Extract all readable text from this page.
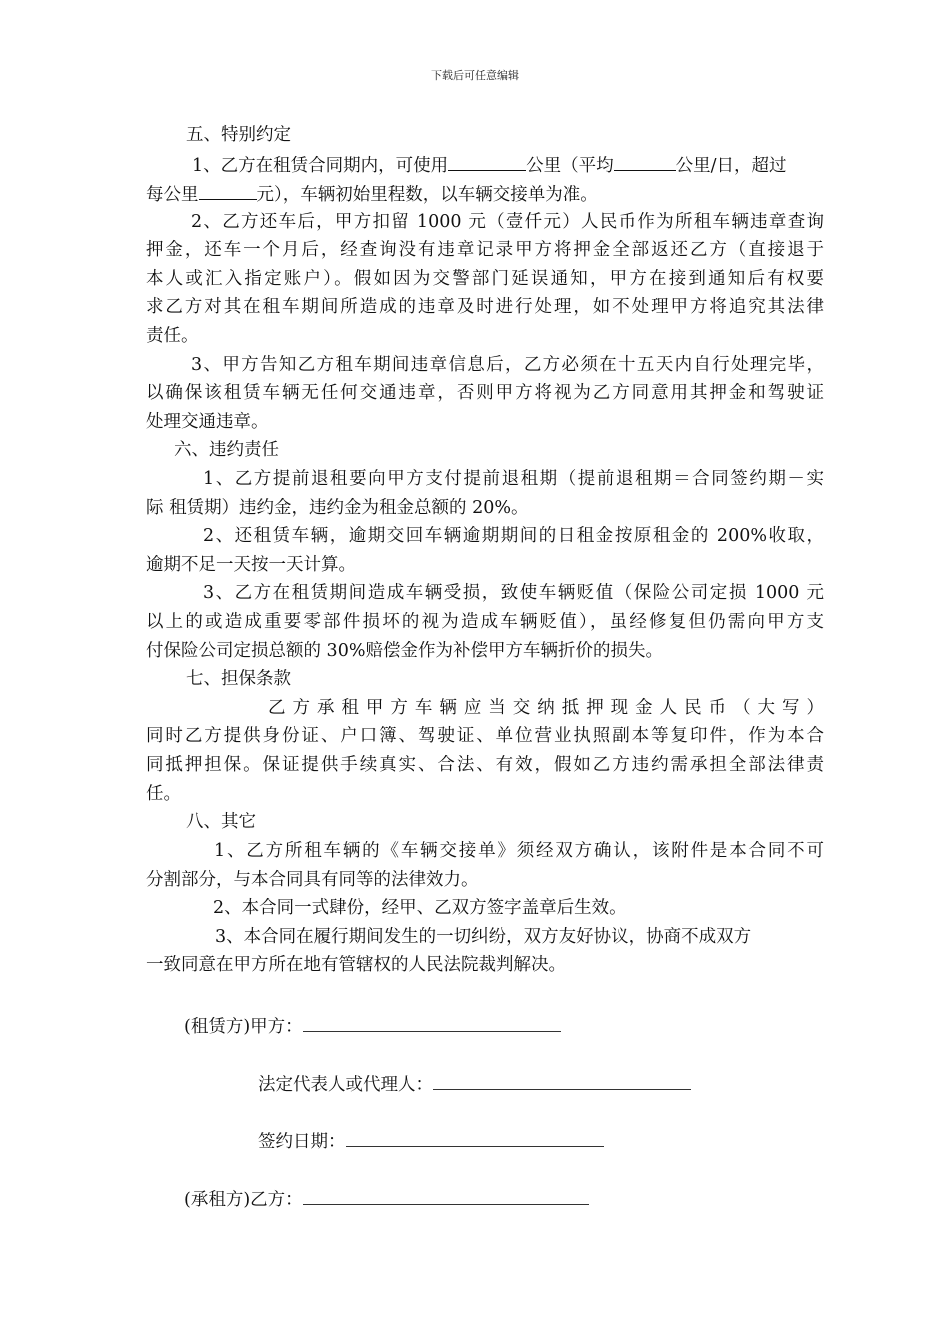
下载后可任意编辑
五、特别约定
1、乙方在租赁合同期内，可使用	公里（平均	公里/日，超过
每公里	元），车辆初始里程数，以车辆交接单为准。
2、乙方还车后，甲方扣留 1000 元（壹仟元）人民币作为所租车辆违章查询
押金，还车一个月后，经查询没有违章记录甲方将押金全部返还乙方（直接退于
本人或汇入指定账户）。假如因为交警部门延误通知，甲方在接到通知后有权要
求乙方对其在租车期间所造成的违章及时进行处理，如不处理甲方将追究其法律
责任。
3、甲方告知乙方租车期间违章信息后，乙方必须在十五天内自行处理完毕，
以确保该租赁车辆无任何交通违章，否则甲方将视为乙方同意用其押金和驾驶证
处理交通违章。
六、违约责任
1、乙方提前退租要向甲方支付提前退租期（提前退租期＝合同签约期－实
际 租赁期）违约金，违约金为租金总额的 20%。
2、还租赁车辆，逾期交回车辆逾期期间的日租金按原租金的 200%收取，
逾期不足一天按一天计算。
3、乙方在租赁期间造成车辆受损，致使车辆贬值（保险公司定损 1000 元
以上的或造成重要零部件损坏的视为造成车辆贬值），虽经修复但仍需向甲方支
付保险公司定损总额的 30%赔偿金作为补偿甲方车辆折价的损失。
七、担保条款
乙方承租甲方车辆应当交纳抵押现金人民币（大写）
同时乙方提供身份证、户口簿、驾驶证、单位营业执照副本等复印件，作为本合
同抵押担保。保证提供手续真实、合法、有效，假如乙方违约需承担全部法律责
任。
八、其它
1、乙方所租车辆的《车辆交接单》须经双方确认，该附件是本合同不可
分割部分，与本合同具有同等的法律效力。
2、本合同一式肆份，经甲、乙双方签字盖章后生效。
3、本合同在履行期间发生的一切纠纷，双方友好协议，协商不成双方
一致同意在甲方所在地有管辖权的人民法院裁判解决。
(租赁方)甲方：
法定代表人或代理人：
签约日期：
(承租方)乙方：
